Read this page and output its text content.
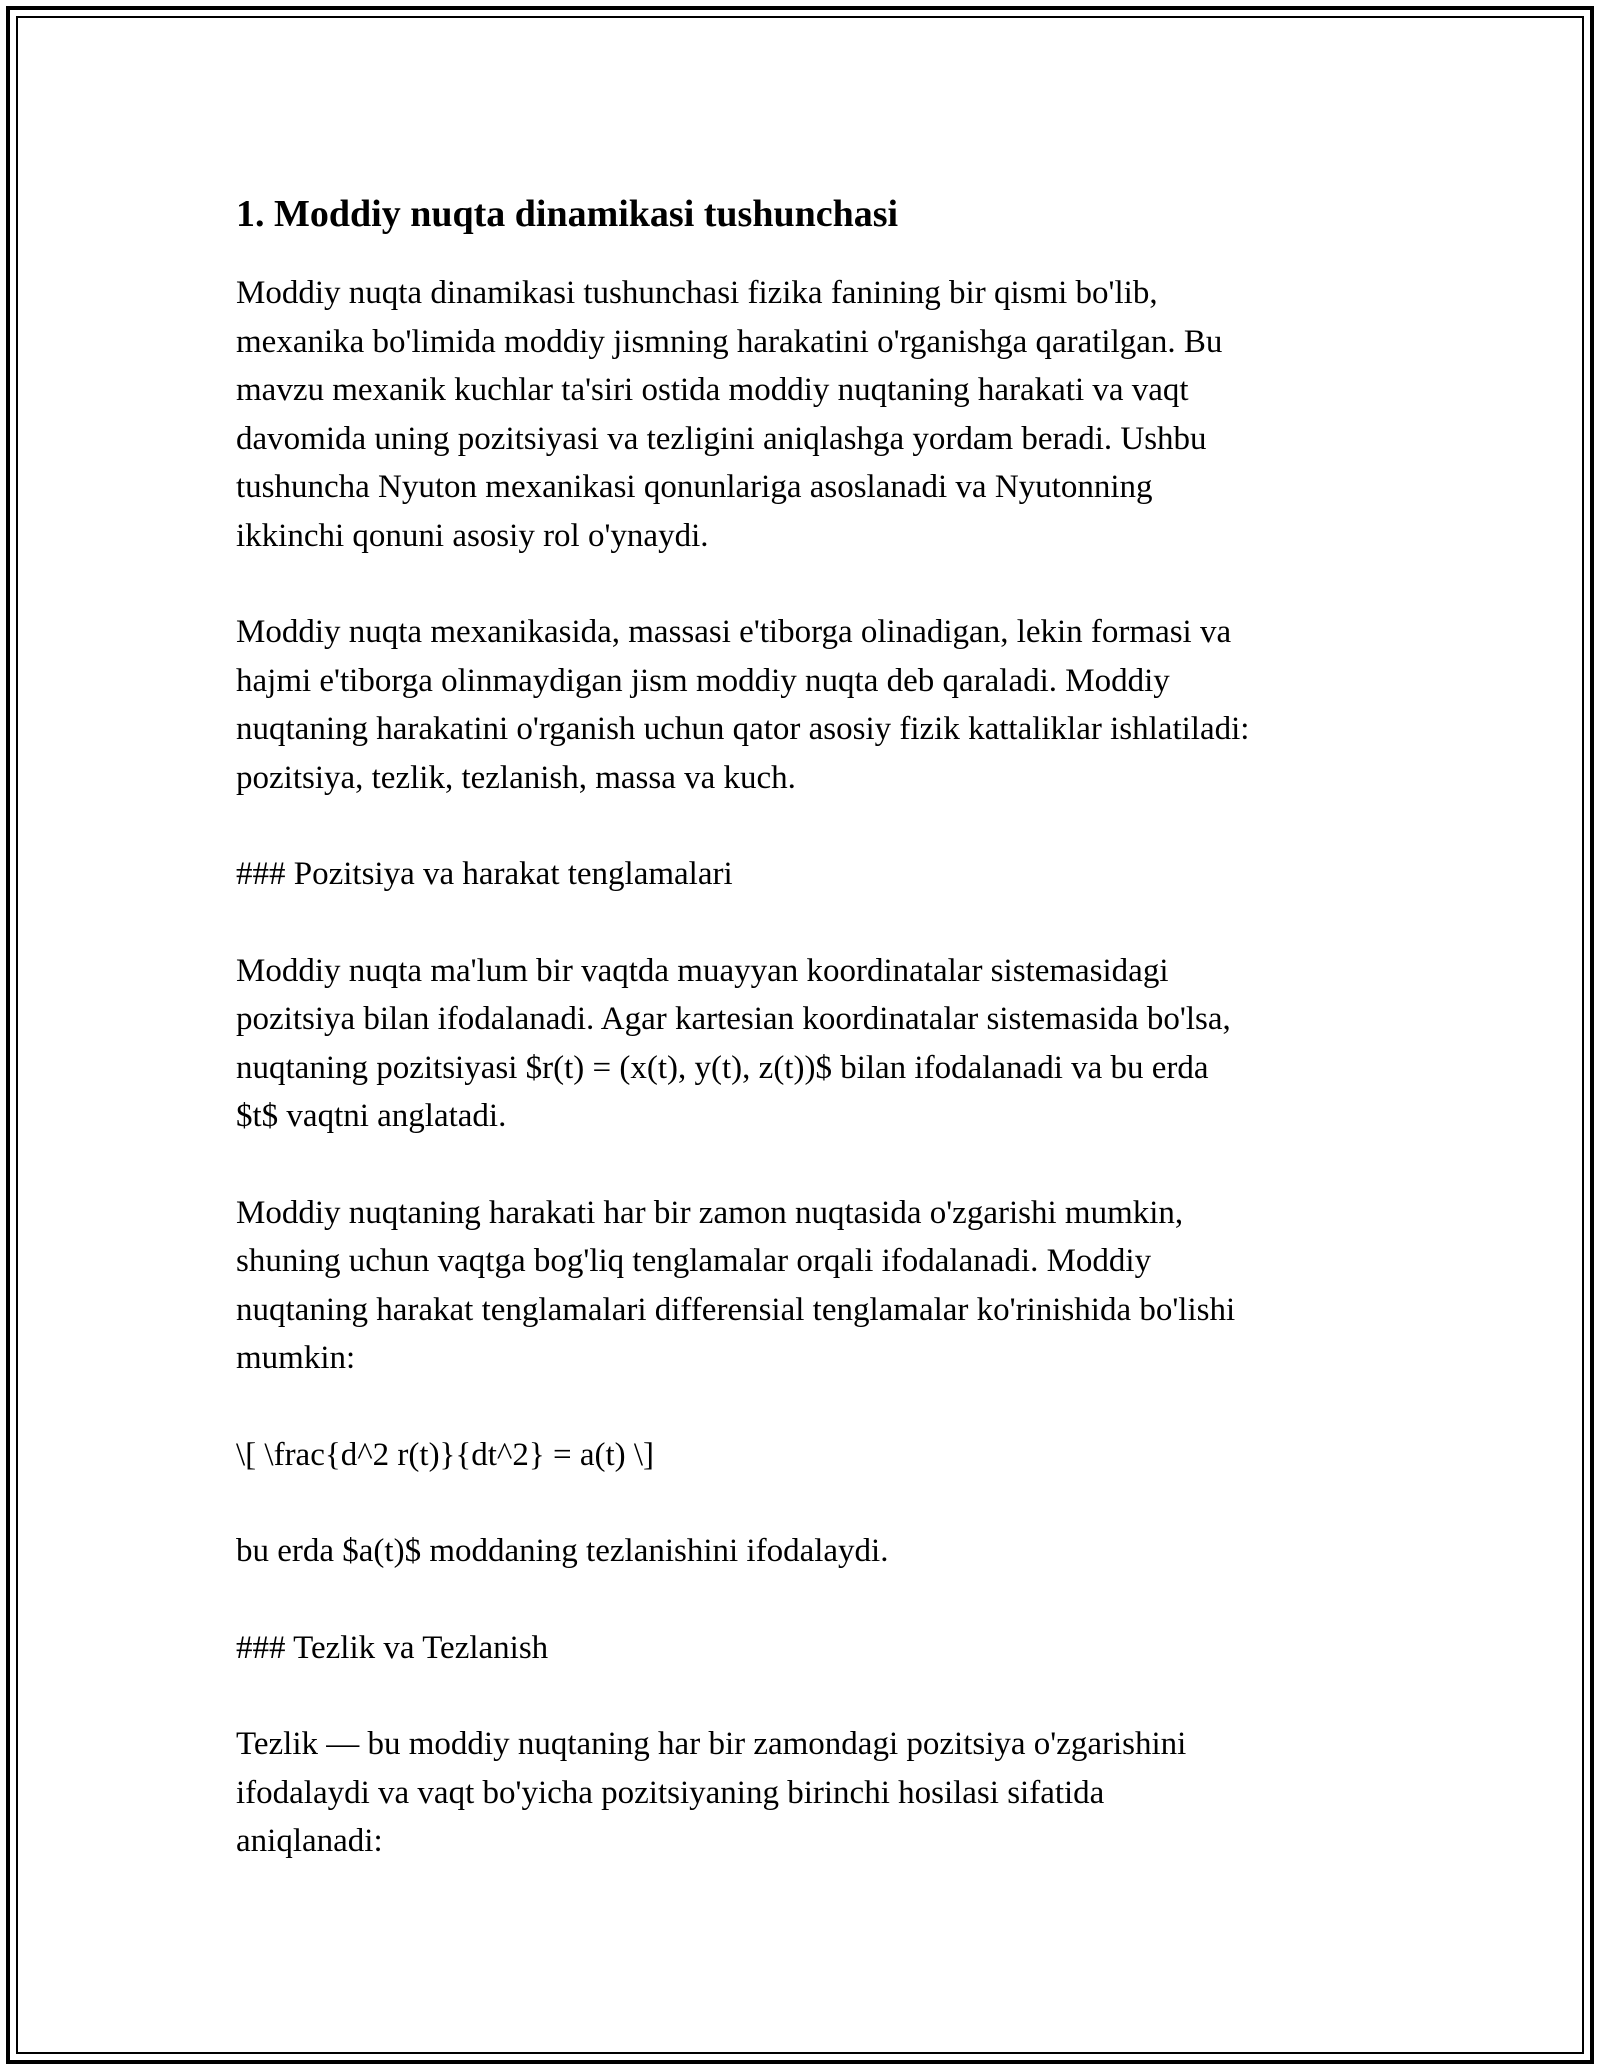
1. Moddiy nuqta dinamikasi tushunchasi

Moddiy nuqta dinamikasi tushunchasi fizika fanining bir qismi bo'lib,
mexanika bo'limida moddiy jismning harakatini o'rganishga qaratilgan. Bu
mavzu mexanik kuchlar ta'siri ostida moddiy nuqtaning harakati va vaqt
davomida uning pozitsiyasi va tezligini aniqlashga yordam beradi. Ushbu
tushuncha Nyuton mexanikasi qonunlariga asoslanadi va Nyutonning
ikkinchi qonuni asosiy rol o'ynaydi.

Moddiy nuqta mexanikasida, massasi e'tiborga olinadigan, lekin formasi va
hajmi e'tiborga olinmaydigan jism moddiy nuqta deb qaraladi. Moddiy
nuqtaning harakatini o'rganish uchun qator asosiy fizik kattaliklar ishlatiladi:
pozitsiya, tezlik, tezlanish, massa va kuch.

### Pozitsiya va harakat tenglamalari

Moddiy nuqta ma'lum bir vaqtda muayyan koordinatalar sistemasidagi
pozitsiya bilan ifodalanadi. Agar kartesian koordinatalar sistemasida bo'lsa,
nuqtaning pozitsiyasi $r(t) = (x(t), y(t), z(t))$ bilan ifodalanadi va bu erda
$t$ vaqtni anglatadi.

Moddiy nuqtaning harakati har bir zamon nuqtasida o'zgarishi mumkin,
shuning uchun vaqtga bog'liq tenglamalar orqali ifodalanadi. Moddiy
nuqtaning harakat tenglamalari differensial tenglamalar ko'rinishida bo'lishi
mumkin:

\[ \frac{d^2 r(t)}{dt^2} = a(t) \]

bu erda $a(t)$ moddaning tezlanishini ifodalaydi.

### Tezlik va Tezlanish

Tezlik — bu moddiy nuqtaning har bir zamondagi pozitsiya o'zgarishini
ifodalaydi va vaqt bo'yicha pozitsiyaning birinchi hosilasi sifatida
aniqlanadi:
